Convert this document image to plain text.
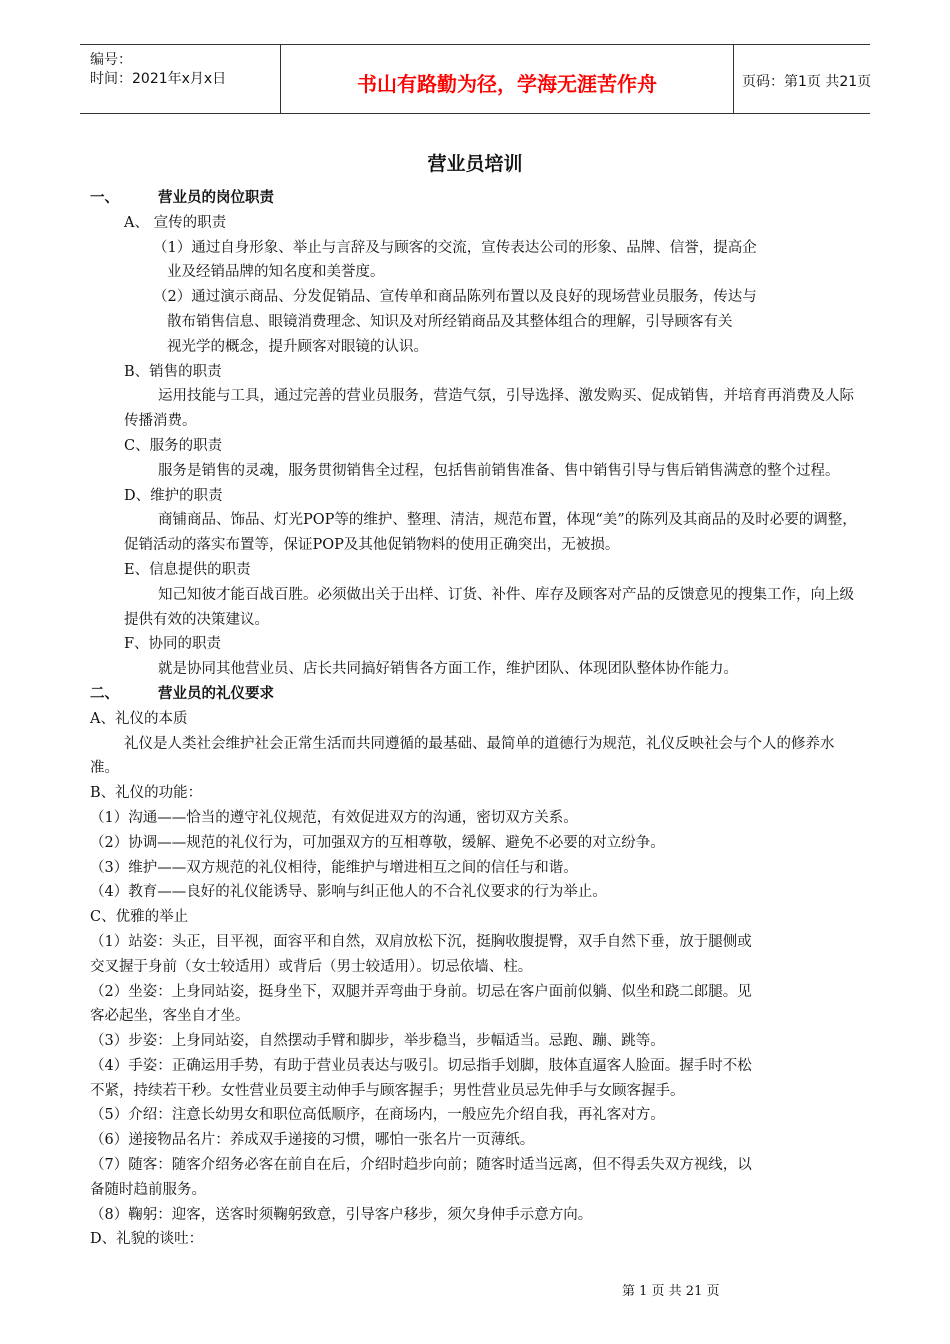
编号：
时间：2021年x月x日	书山有路勤为径，学海无涯苦作舟	页码：第1页 共21页
营业员培训

一、	营业员的岗位职责

A、 宣传的职责

（1）通过自身形象、举止与言辞及与顾客的交流，宣传表达公司的形象、品牌、信誉，提高企

业及经销品牌的知名度和美誉度。

（2）通过演示商品、分发促销品、宣传单和商品陈列布置以及良好的现场营业员服务，传达与

散布销售信息、眼镜消费理念、知识及对所经销商品及其整体组合的理解，引导顾客有关

视光学的概念，提升顾客对眼镜的认识。

B、销售的职责

运用技能与工具，通过完善的营业员服务，营造气氛，引导选择、激发购买、促成销售，并培育再消费及人际传播消费。

C、服务的职责

服务是销售的灵魂，服务贯彻销售全过程，包括售前销售准备、售中销售引导与售后销售满意的整个过程。

D、维护的职责

商铺商品、饰品、灯光POP等的维护、整理、清洁，规范布置，体现“美”的陈列及其商品的及时必要的调整，促销活动的落实布置等，保证POP及其他促销物料的使用正确突出，无被损。

E、信息提供的职责

知己知彼才能百战百胜。必须做出关于出样、订货、补件、库存及顾客对产品的反馈意见的搜集工作，向上级提供有效的决策建议。

F、协同的职责

就是协同其他营业员、店长共同搞好销售各方面工作，维护团队、体现团队整体协作能力。

二、	营业员的礼仪要求

A、礼仪的本质

礼仪是人类社会维护社会正常生活而共同遵循的最基础、最简单的道德行为规范，礼仪反映社会与个人的修养水准。

B、礼仪的功能：

（1）沟通——恰当的遵守礼仪规范，有效促进双方的沟通，密切双方关系。

（2）协调——规范的礼仪行为，可加强双方的互相尊敬，缓解、避免不必要的对立纷争。

（3）维护——双方规范的礼仪相待，能维护与增进相互之间的信任与和谐。

（4）教育——良好的礼仪能诱导、影响与纠正他人的不合礼仪要求的行为举止。

C、优雅的举止

（1）站姿：头正，目平视，面容平和自然，双肩放松下沉，挺胸收腹提臀，双手自然下垂，放于腿侧或

交叉握于身前（女士较适用）或背后（男士较适用）。切忌依墙、柱。

（2）坐姿：上身同站姿，挺身坐下，双腿并弄弯曲于身前。切忌在客户面前似躺、似坐和跷二郎腿。见

客必起坐，客坐自才坐。

（3）步姿：上身同站姿，自然摆动手臂和脚步，举步稳当，步幅适当。忌跑、蹦、跳等。

（4）手姿：正确运用手势，有助于营业员表达与吸引。切忌指手划脚，肢体直逼客人脸面。握手时不松

不紧，持续若干秒。女性营业员要主动伸手与顾客握手；男性营业员忌先伸手与女顾客握手。

（5）介绍：注意长幼男女和职位高低顺序，在商场内，一般应先介绍自我，再礼客对方。

（6）递接物品名片：养成双手递接的习惯，哪怕一张名片一页薄纸。

（7）随客：随客介绍务必客在前自在后，介绍时趋步向前；随客时适当远离，但不得丢失双方视线，以

备随时趋前服务。

（8）鞠躬：迎客，送客时须鞠躬致意，引导客户移步，须欠身伸手示意方向。

D、礼貌的谈吐：

第 1 页 共 21 页
